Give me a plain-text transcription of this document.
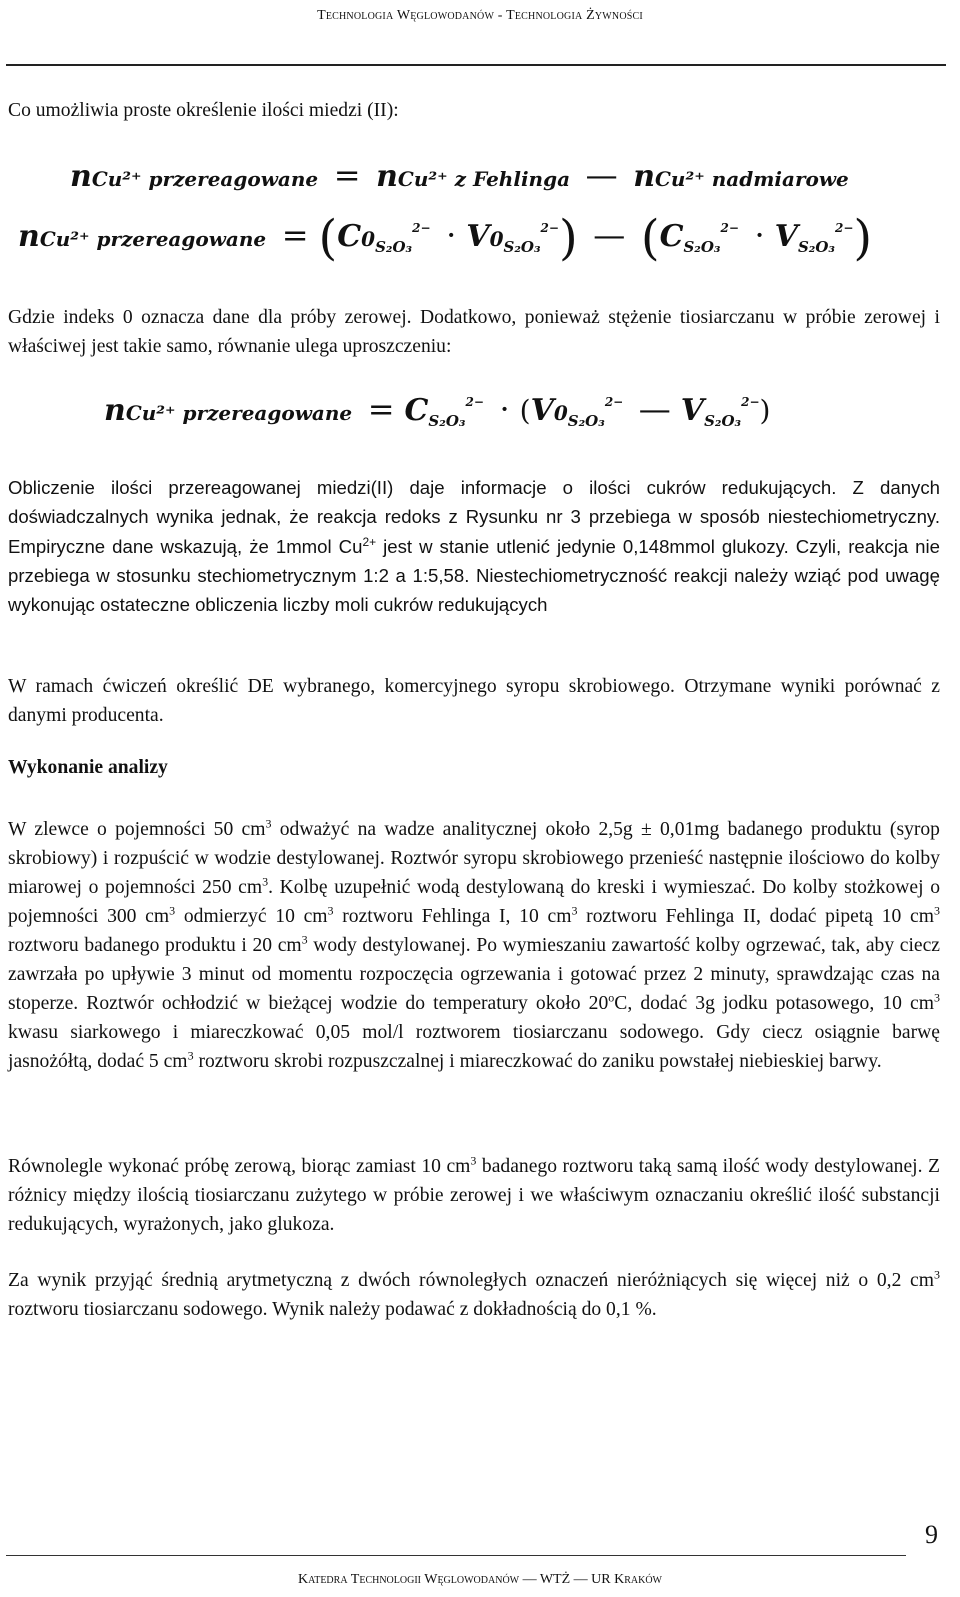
Technologia Węglowodanów - Technologia Żywności

Co umożliwia proste określenie ilości miedzi (II):

nCu²⁺ przereagowane = nCu²⁺ z Fehlinga — nCu²⁺ nadmiarowe
nCu²⁺ przereagowane = (C0S₂O₃$^{2-}$ · V0S₂O₃$^{2-}$) — (CS₂O₃$^{2-}$ · VS₂O₃$^{2-}$)

Gdzie indeks 0 oznacza dane dla próby zerowej. Dodatkowo, ponieważ stężenie tiosiarczanu w próbie zerowej i właściwej jest takie samo, równanie ulega uproszczeniu:

nCu²⁺ przereagowane = CS₂O₃$^{2-}$ · (V0S₂O₃$^{2-}$ — VS₂O₃$^{2-}$)

Obliczenie ilości przereagowanej miedzi(II) daje informacje o ilości cukrów redukujących. Z danych doświadczalnych wynika jednak, że reakcja redoks z Rysunku nr 3 przebiega w sposób niestechiometryczny. Empiryczne dane wskazują, że 1mmol $Cu^{2+}$ jest w stanie utlenić jedynie 0,148mmol glukozy. Czyli, reakcja nie przebiega w stosunku stechiometrycznym 1:2 a 1:5,58. Niestechiometryczność reakcji należy wziąć pod uwagę wykonując ostateczne obliczenia liczby moli cukrów redukujących

W ramach ćwiczeń określić DE wybranego, komercyjnego syropu skrobiowego. Otrzymane wyniki porównać z danymi producenta.

Wykonanie analizy

W zlewce o pojemności 50 $cm^3$ odważyć na wadze analitycznej około 2,5g ± 0,01mg badanego produktu (syrop skrobiowy) i rozpuścić w wodzie destylowanej. Roztwór syropu skrobiowego przenieść następnie ilościowo do kolby miarowej o pojemności 250 $cm^3$. Kolbę uzupełnić wodą destylowaną do kreski i wymieszać. Do kolby stożkowej o pojemności 300 $cm^3$ odmierzyć 10 $cm^3$ roztworu Fehlinga I, 10 $cm^3$ roztworu Fehlinga II, dodać pipetą 10 $cm^3$ roztworu badanego produktu i 20 $cm^3$ wody destylowanej. Po wymieszaniu zawartość kolby ogrzewać, tak, aby ciecz zawrzała po upływie 3 minut od momentu rozpoczęcia ogrzewania i gotować przez 2 minuty, sprawdzając czas na stoperze. Roztwór ochłodzić w bieżącej wodzie do temperatury około 20$^o$C, dodać 3g jodku potasowego, 10 $cm^3$ kwasu siarkowego i miareczkować 0,05 mol/l roztworem tiosiarczanu sodowego. Gdy ciecz osiągnie barwę jasnożółtą, dodać 5 $cm^3$ roztworu skrobi rozpuszczalnej i miareczkować do zaniku powstałej niebieskiej barwy.

Równolegle wykonać próbę zerową, biorąc zamiast 10 $cm^3$ badanego roztworu taką samą ilość wody destylowanej. Z różnicy między ilością tiosiarczanu zużytego w próbie zerowej i we właściwym oznaczaniu określić ilość substancji redukujących, wyrażonych, jako glukoza.

Za wynik przyjąć średnią arytmetyczną z dwóch równoległych oznaczeń nieróżniących się więcej niż o 0,2 $cm^3$ roztworu tiosiarczanu sodowego. Wynik należy podawać z dokładnością do 0,1 %.

9
Katedra Technologii Węglowodanów — WTŻ — UR Kraków
